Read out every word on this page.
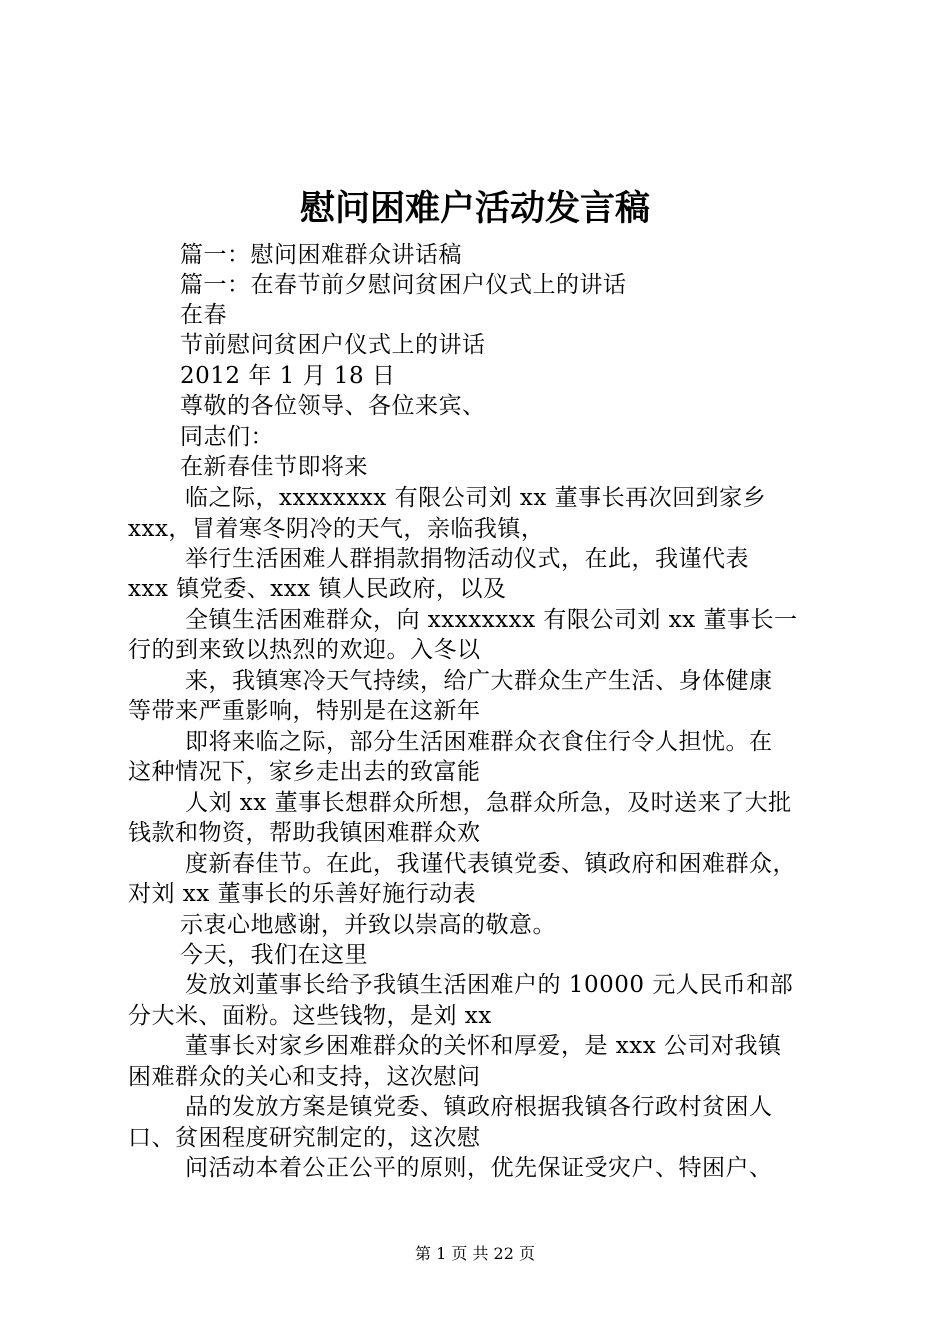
慰问困难户活动发言稿
篇一：慰问困难群众讲话稿
篇一：在春节前夕慰问贫困户仪式上的讲话
在春
节前慰问贫困户仪式上的讲话
2012 年 1 月 18 日
尊敬的各位领导、各位来宾、
同志们：
在新春佳节即将来
临之际，xxxxxxxx 有限公司刘 xx 董事长再次回到家乡
xxx，冒着寒冬阴冷的天气，亲临我镇，
举行生活困难人群捐款捐物活动仪式，在此，我谨代表
xxx 镇党委、xxx 镇人民政府，以及
全镇生活困难群众，向 xxxxxxxx 有限公司刘 xx 董事长一
行的到来致以热烈的欢迎。入冬以
来，我镇寒冷天气持续，给广大群众生产生活、身体健康
等带来严重影响，特别是在这新年
即将来临之际，部分生活困难群众衣食住行令人担忧。在
这种情况下，家乡走出去的致富能
人刘 xx 董事长想群众所想，急群众所急，及时送来了大批
钱款和物资，帮助我镇困难群众欢
度新春佳节。在此，我谨代表镇党委、镇政府和困难群众，
对刘 xx 董事长的乐善好施行动表
示衷心地感谢，并致以崇高的敬意。
今天，我们在这里
发放刘董事长给予我镇生活困难户的 10000 元人民币和部
分大米、面粉。这些钱物，是刘 xx
董事长对家乡困难群众的关怀和厚爱，是 xxx 公司对我镇
困难群众的关心和支持，这次慰问
品的发放方案是镇党委、镇政府根据我镇各行政村贫困人
口、贫困程度研究制定的，这次慰
问活动本着公正公平的原则，优先保证受灾户、特困户、
第 1 页 共 22 页
